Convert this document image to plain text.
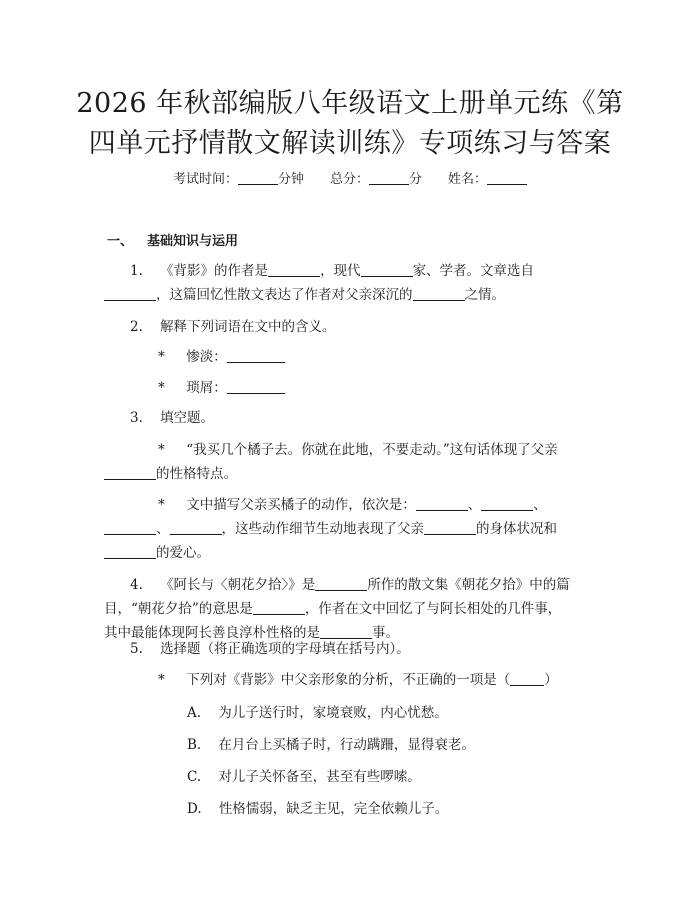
2026 年秋部编版八年级语文上册单元练《第
四单元抒情散文解读训练》专项练习与答案
考试时间：	分钟 总分：	分 姓名：
一、 基础知识与运用
1. 《背影》的作者是	，现代	家、学者。文章选自
，这篇回忆性散文表达了作者对父亲深沉的	之情。
2. 解释下列词语在文中的含义。
* 惨淡：
* 琐屑：
3. 填空题。
* “我买几个橘子去。你就在此地，不要走动。”这句话体现了父亲
的性格特点。
* 文中描写父亲买橘子的动作，依次是：	、	、
、	，这些动作细节生动地表现了父亲	的身体状况和
的爱心。
4. 《阿长与〈朝花夕拾〉》是	所作的散文集《朝花夕拾》中的篇
目，“朝花夕拾”的意思是	，作者在文中回忆了与阿长相处的几件事，
其中最能体现阿长善良淳朴性格的是	事。
5. 选择题（将正确选项的字母填在括号内）。
* 下列对《背影》中父亲形象的分析，不正确的一项是（	）
A. 为儿子送行时，家境衰败，内心忧愁。
B. 在月台上买橘子时，行动蹒跚，显得衰老。
C. 对儿子关怀备至，甚至有些啰嗦。
D. 性格懦弱，缺乏主见，完全依赖儿子。
